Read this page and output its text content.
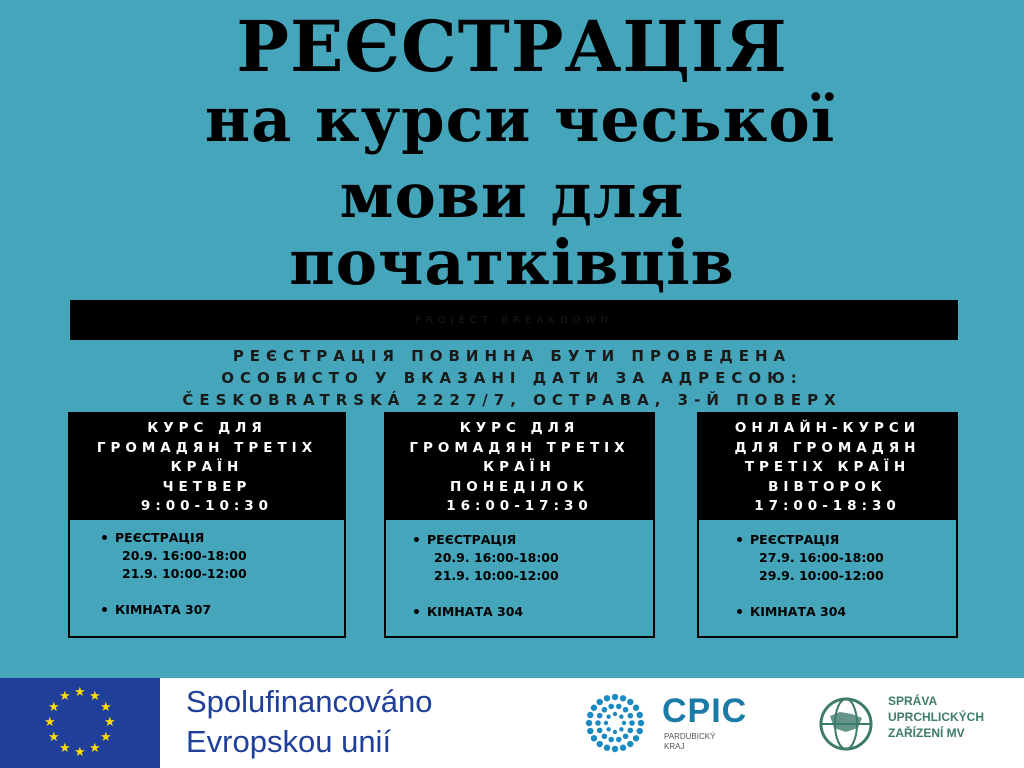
РЕЄСТРАЦІЯ
на курси чеської
мови для
початківців
PROJECT BREAKDOWN
РЕЄСТРАЦІЯ ПОВИННА БУТИ ПРОВЕДЕНА
ОСОБИСТО У ВКАЗАНІ ДАТИ ЗА АДРЕСОЮ:
ČESKOBRATRSKÁ 2227/7, ОСТРАВА, 3-Й ПОВЕРХ
КУРС ДЛЯ
ГРОМАДЯН ТРЕТІХ
КРАЇН
ЧЕТВЕР
9:00-10:30
РЕЄСТРАЦІЯ
20.9. 16:00-18:00
21.9. 10:00-12:00
КІМНАТА 307
КУРС ДЛЯ
ГРОМАДЯН ТРЕТІХ
КРАЇН
ПОНЕДІЛОК
16:00-17:30
РЕЄСТРАЦІЯ
20.9. 16:00-18:00
21.9. 10:00-12:00
КІМНАТА 304
ОНЛАЙН-КУРСИ
ДЛЯ ГРОМАДЯН
ТРЕТІХ КРАЇН
ВІВТОРОК
17:00-18:30
РЕЄСТРАЦІЯ
27.9. 16:00-18:00
29.9. 10:00-12:00
КІМНАТА 304
★
★
★
★
★
★
★
★
★ ★ ★
★ Spolufinancováno
Evropskou unií
CPIC
PARDUBICKÝ
KRAJ
SPRÁVA
UPRCHLICKÝCH
ZAŘÍZENÍ MV
